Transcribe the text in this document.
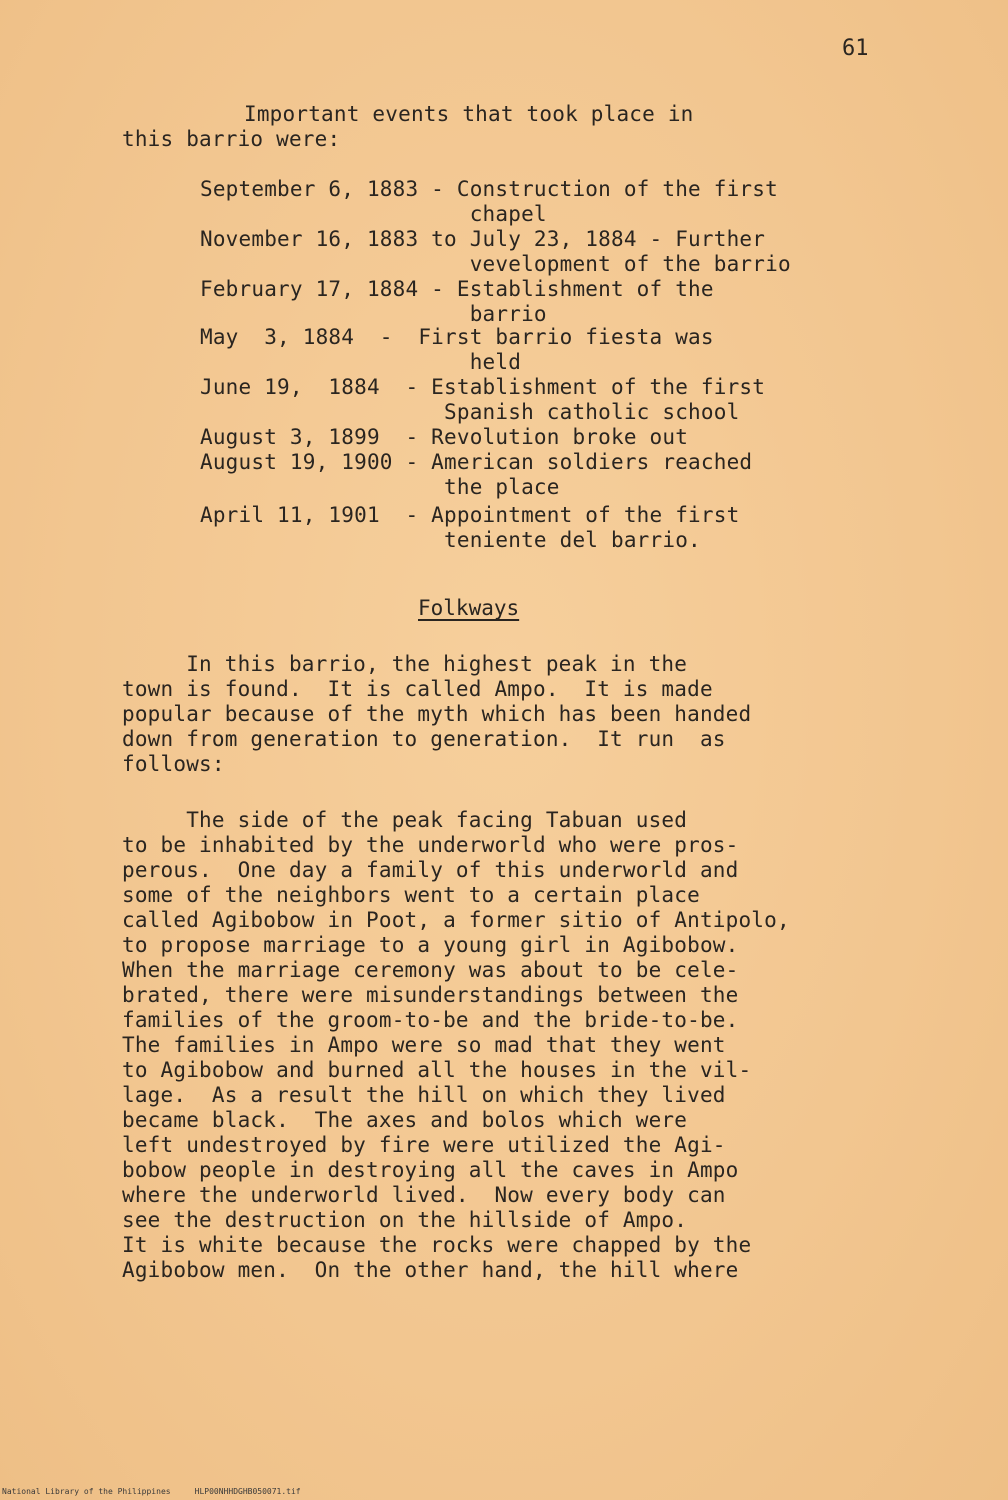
61
Important events that took place in
this barrio were:
September 6, 1883 - Construction of the first
chapel
November 16, 1883 to July 23, 1884 - Further
vevelopment of the barrio
February 17, 1884 - Establishment of the
barrio
May  3, 1884  -  First barrio fiesta was
held
June 19,  1884  - Establishment of the first
Spanish catholic school
August 3, 1899  - Revolution broke out
August 19, 1900 - American soldiers reached
the place
April 11, 1901  - Appointment of the first
teniente del barrio.
Folkways
In this barrio, the highest peak in the
town is found.  It is called Ampo.  It is made
popular because of the myth which has been handed
down from generation to generation.  It run  as
follows:
The side of the peak facing Tabuan used
to be inhabited by the underworld who were pros-
perous.  One day a family of this underworld and
some of the neighbors went to a certain place
called Agibobow in Poot, a former sitio of Antipolo,
to propose marriage to a young girl in Agibobow.
When the marriage ceremony was about to be cele-
brated, there were misunderstandings between the
families of the groom-to-be and the bride-to-be.
The families in Ampo were so mad that they went
to Agibobow and burned all the houses in the vil-
lage.  As a result the hill on which they lived
became black.  The axes and bolos which were
left undestroyed by fire were utilized the Agi-
bobow people in destroying all the caves in Ampo
where the underworld lived.  Now every body can
see the destruction on the hillside of Ampo.
It is white because the rocks were chapped by the
Agibobow men.  On the other hand, the hill where
National Library of the Philippines     HLP00NHHDGHB050071.tif
